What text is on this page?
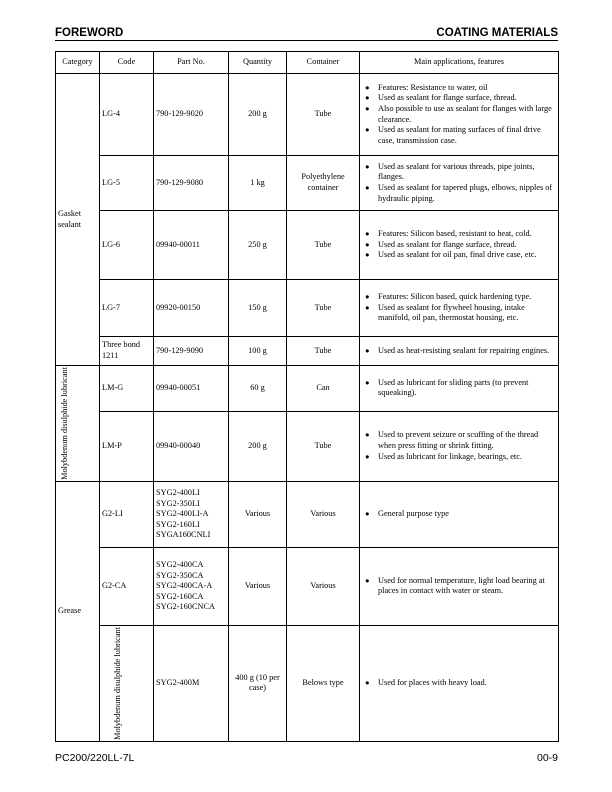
FOREWORD	COATING MATERIALS
Category	Code	Part No.	Quantity	Container	Main applications, features
Gasket sealant	LG-4	790-129-9020	200 g	Tube	● Features: Resistance to water, oil
● Used as sealant for flange surface, thread.
● Also possible to use as sealant for flanges with large clearance.
● Used as sealant for mating surfaces of final drive case, transmission case.

	LG-5	790-129-9080	1 kg	Polyethylene container	● Used as sealant for various threads, pipe joints, flanges.
● Used as sealant for tapered plugs, elbows, nipples of hydraulic piping.

	LG-6	09940-00011	250 g	Tube	● Features: Silicon based, resistant to heat, cold.
● Used as sealant for flange surface, thread.
● Used as sealant for oil pan, final drive case, etc.

	LG-7	09920-00150	150 g	Tube	● Features: Silicon based, quick hardening type.
● Used as sealant for flywheel housing, intake manifold, oil pan, thermostat housing, etc.

	Three bond 1211	790-129-9090	100 g	Tube	● Used as heat-resisting sealant for repairing engines.

Molybdenum disulphide lubricant	LM-G	09940-00051	60 g	Can	● Used as lubricant for sliding parts (to prevent squeaking).

	LM-P	09940-00040	200 g	Tube	● Used to prevent seizure or scuffing of the thread when press fitting or shrink fitting.
● Used as lubricant for linkage, bearings, etc.

Grease	G2-LI	SYG2-400LI
SYG2-350LI
SYG2-400LI-A
SYG2-160LI
SYGA160CNLI	Various	Various	● General purpose type

	G2-CA	SYG2-400CA
SYG2-350CA
SYG2-400CA-A
SYG2-160CA
SYG2-160CNCA	Various	Various	● Used for normal temperature, light load bearing at places in contact with water or steam.

	Molybdenum disulphide lubricant	SYG2-400M	400 g (10 per case)	Belows type	● Used for places with heavy load.
PC200/220LL-7L	00-9
